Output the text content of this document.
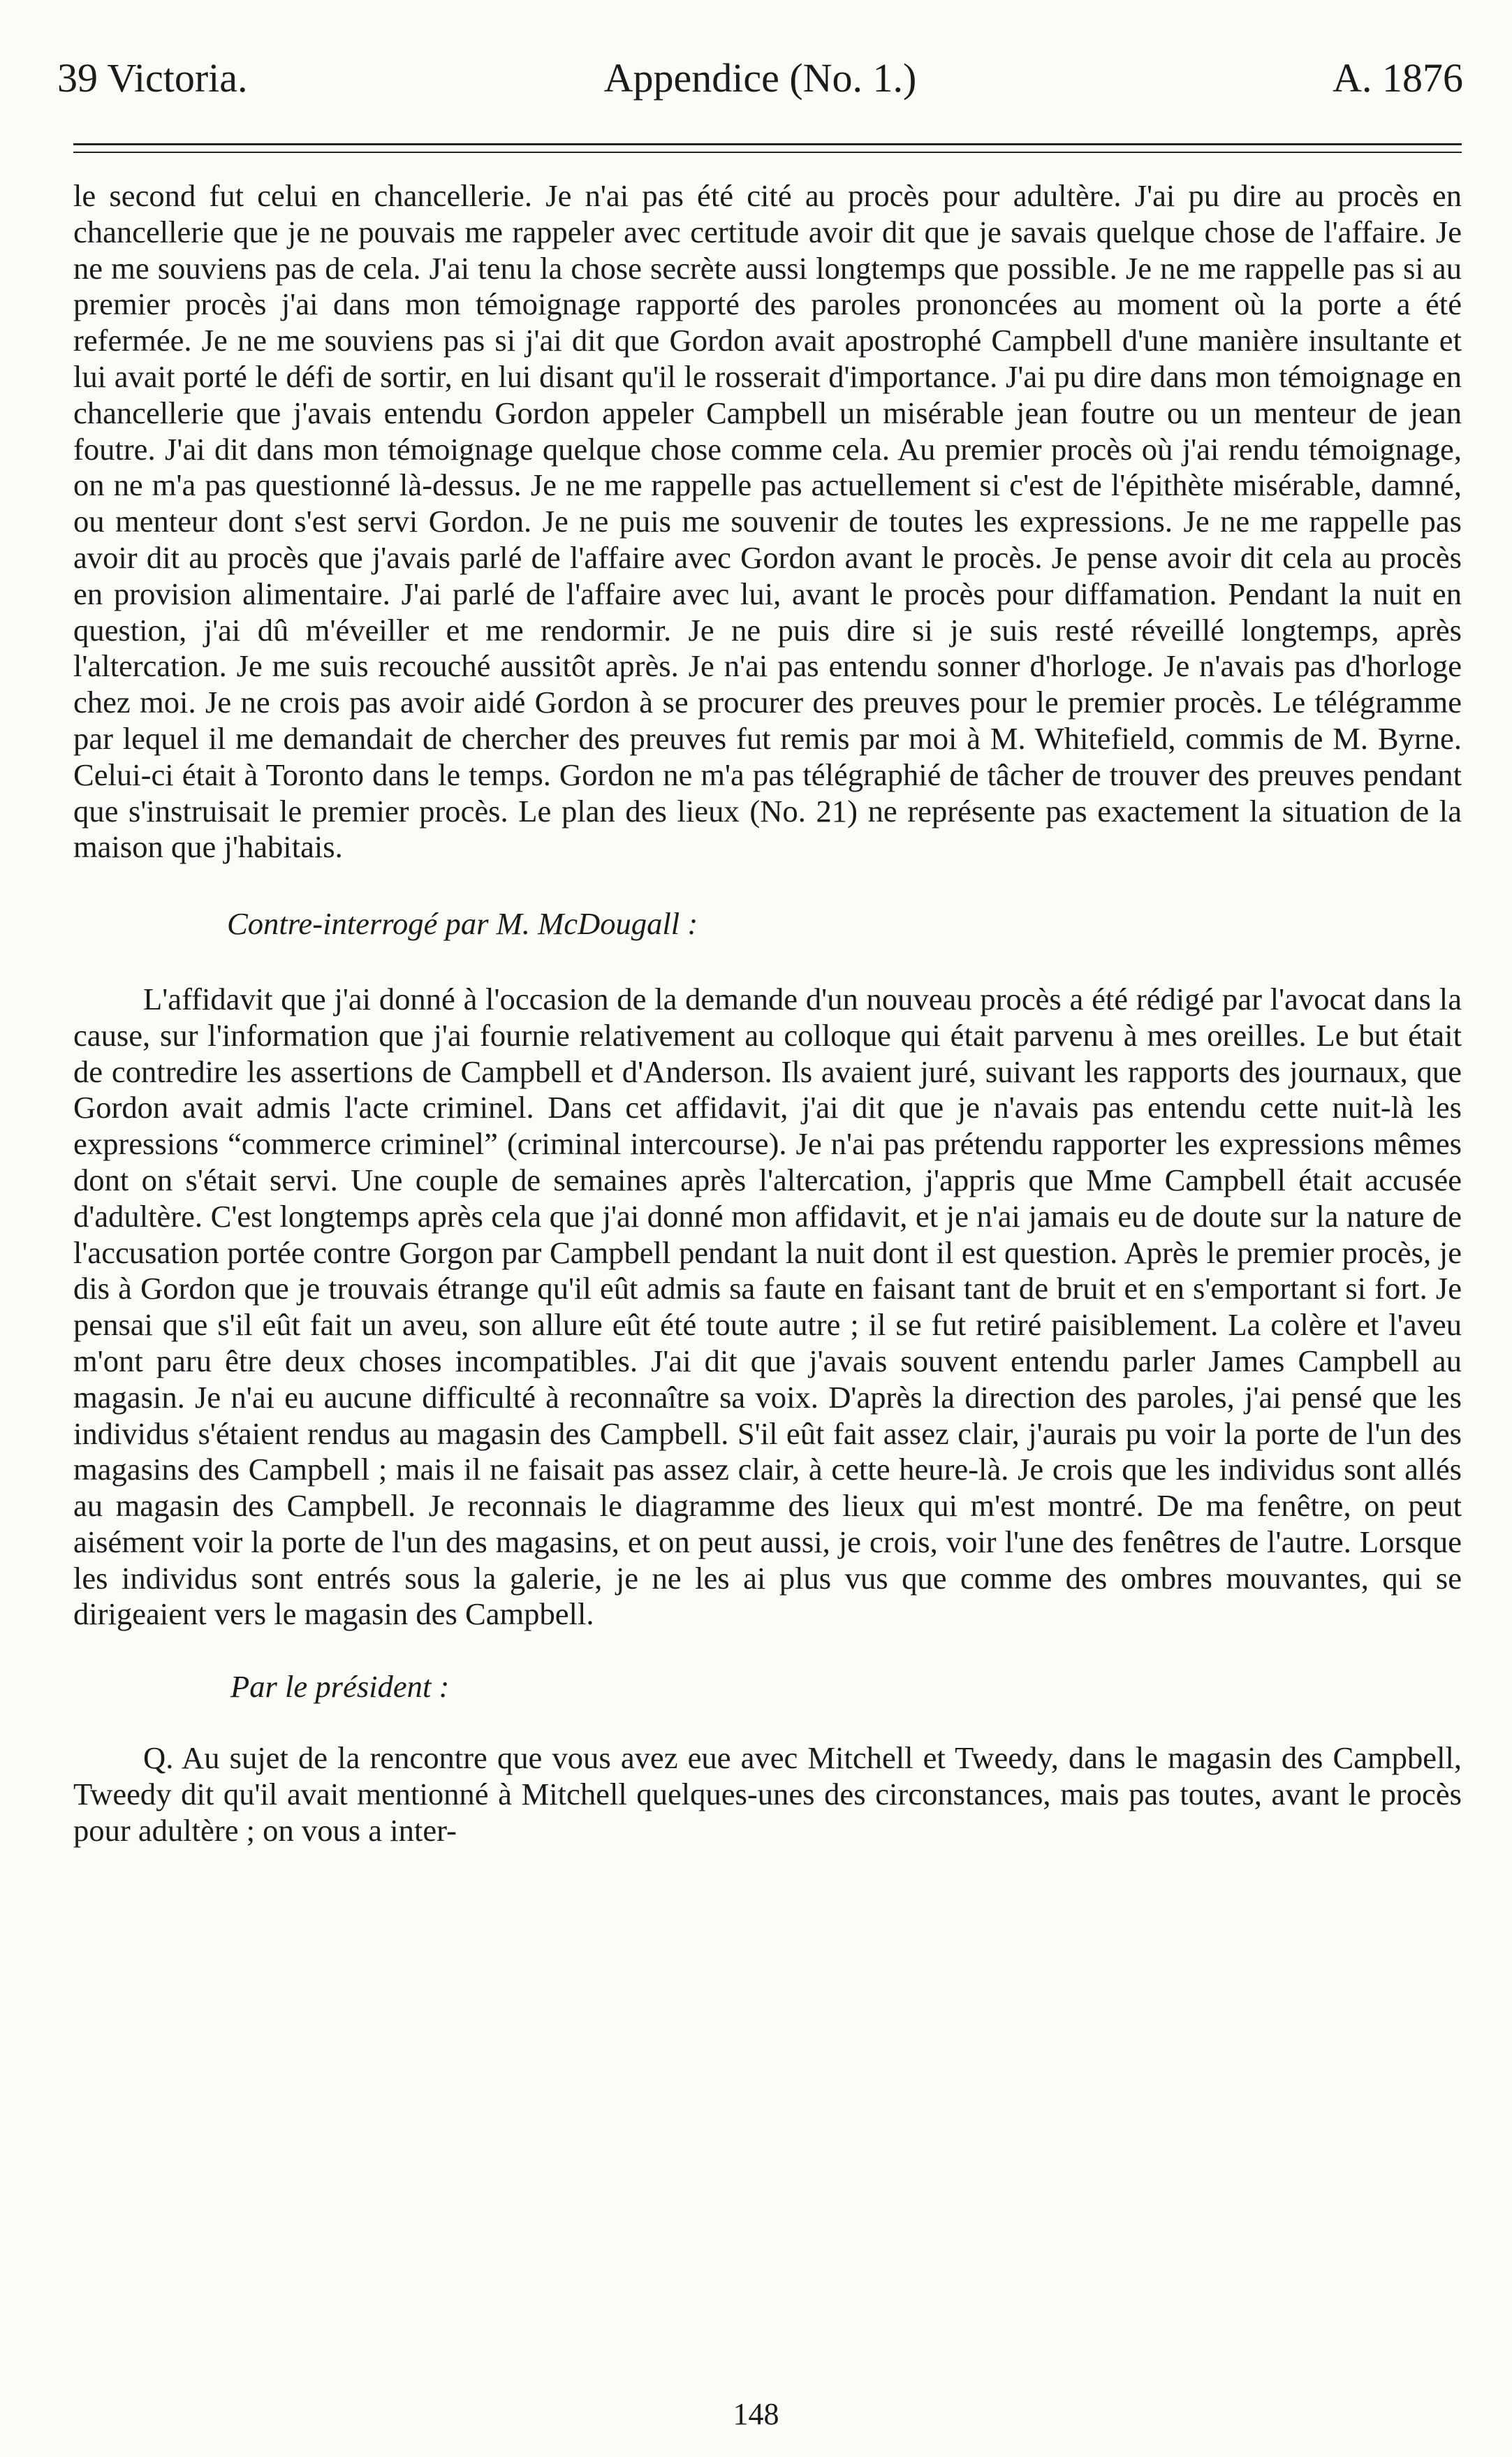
39 Victoria.	Appendice (No. 1.)	A. 1876

le second fut celui en chancellerie. Je n'ai pas été cité au procès pour adultère. J'ai pu dire au procès en chancellerie que je ne pouvais me rappeler avec certitude avoir dit que je savais quelque chose de l'affaire. Je ne me souviens pas de cela. J'ai tenu la chose secrète aussi longtemps que possible. Je ne me rappelle pas si au premier procès j'ai dans mon témoignage rapporté des paroles prononcées au moment où la porte a été refermée. Je ne me souviens pas si j'ai dit que Gordon avait apostrophé Campbell d'une manière insultante et lui avait porté le défi de sortir, en lui disant qu'il le rosserait d'importance. J'ai pu dire dans mon témoignage en chancellerie que j'avais entendu Gordon appeler Campbell un misérable jean foutre ou un menteur de jean foutre. J'ai dit dans mon témoignage quelque chose comme cela. Au premier procès où j'ai rendu témoignage, on ne m'a pas questionné là-dessus. Je ne me rappelle pas actuellement si c'est de l'épithète misérable, damné, ou menteur dont s'est servi Gordon. Je ne puis me souvenir de toutes les expressions. Je ne me rappelle pas avoir dit au procès que j'avais parlé de l'affaire avec Gordon avant le procès. Je pense avoir dit cela au procès en provision alimentaire. J'ai parlé de l'affaire avec lui, avant le procès pour diffamation. Pendant la nuit en question, j'ai dû m'éveiller et me rendormir. Je ne puis dire si je suis resté réveillé longtemps, après l'altercation. Je me suis recouché aussitôt après. Je n'ai pas entendu sonner d'horloge. Je n'avais pas d'horloge chez moi. Je ne crois pas avoir aidé Gordon à se procurer des preuves pour le premier procès. Le télégramme par lequel il me demandait de chercher des preuves fut remis par moi à M. Whitefield, commis de M. Byrne. Celui-ci était à Toronto dans le temps. Gordon ne m'a pas télégraphié de tâcher de trouver des preuves pendant que s'instruisait le premier procès. Le plan des lieux (No. 21) ne représente pas exactement la situation de la maison que j'habitais.

Contre-interrogé par M. McDougall :

L'affidavit que j'ai donné à l'occasion de la demande d'un nouveau procès a été rédigé par l'avocat dans la cause, sur l'information que j'ai fournie relativement au colloque qui était parvenu à mes oreilles. Le but était de contredire les assertions de Campbell et d'Anderson. Ils avaient juré, suivant les rapports des journaux, que Gordon avait admis l'acte criminel. Dans cet affidavit, j'ai dit que je n'avais pas entendu cette nuit-là les expressions “commerce criminel” (criminal intercourse). Je n'ai pas prétendu rapporter les expressions mêmes dont on s'était servi. Une couple de semaines après l'altercation, j'appris que Mme Campbell était accusée d'adultère. C'est longtemps après cela que j'ai donné mon affidavit, et je n'ai jamais eu de doute sur la nature de l'accusation portée contre Gorgon par Campbell pendant la nuit dont il est question. Après le premier procès, je dis à Gordon que je trouvais étrange qu'il eût admis sa faute en faisant tant de bruit et en s'emportant si fort. Je pensai que s'il eût fait un aveu, son allure eût été toute autre ; il se fut retiré paisiblement. La colère et l'aveu m'ont paru être deux choses incompatibles. J'ai dit que j'avais souvent entendu parler James Campbell au magasin. Je n'ai eu aucune difficulté à reconnaître sa voix. D'après la direction des paroles, j'ai pensé que les individus s'étaient rendus au magasin des Campbell. S'il eût fait assez clair, j'aurais pu voir la porte de l'un des magasins des Campbell ; mais il ne faisait pas assez clair, à cette heure-là. Je crois que les individus sont allés au magasin des Campbell. Je reconnais le diagramme des lieux qui m'est montré. De ma fenêtre, on peut aisément voir la porte de l'un des magasins, et on peut aussi, je crois, voir l'une des fenêtres de l'autre. Lorsque les individus sont entrés sous la galerie, je ne les ai plus vus que comme des ombres mouvantes, qui se dirigeaient vers le magasin des Campbell.

Par le président :

Q. Au sujet de la rencontre que vous avez eue avec Mitchell et Tweedy, dans le magasin des Campbell, Tweedy dit qu'il avait mentionné à Mitchell quelques-unes des circonstances, mais pas toutes, avant le procès pour adultère ; on vous a inter-

148
